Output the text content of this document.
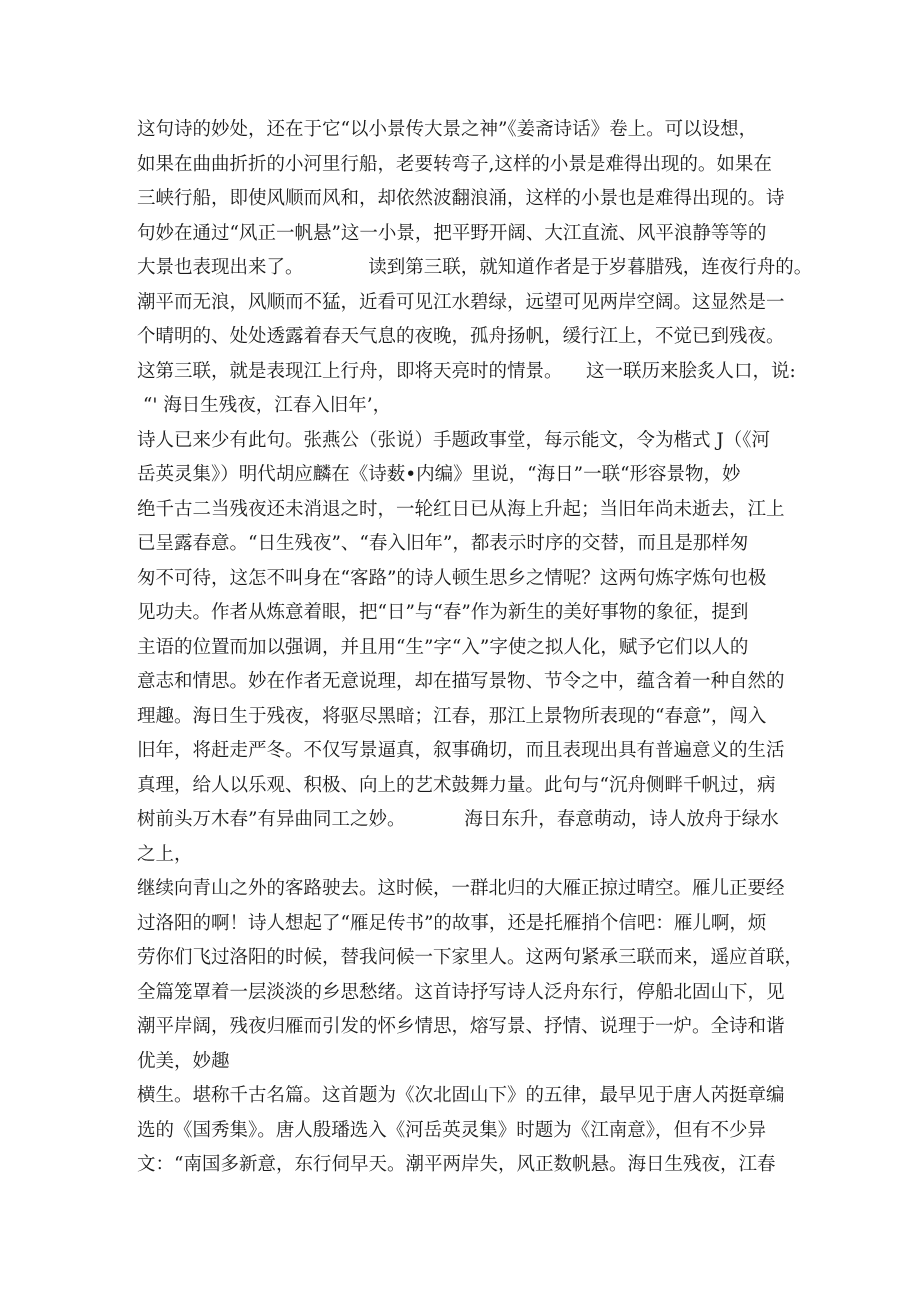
这句诗的妙处，还在于它“以小景传大景之神”《姜斋诗话》卷上。可以设想，
如果在曲曲折折的小河里行船，老要转弯子,这样的小景是难得出现的。如果在
三峡行船，即使风顺而风和，却依然波翻浪涌，这样的小景也是难得出现的。诗
句妙在通过“风正一帆悬”这一小景，把平野开阔、大江直流、风平浪静等等的
大景也表现出来了。           读到第三联，就知道作者是于岁暮腊残，连夜行舟的。
潮平而无浪，风顺而不猛，近看可见江水碧绿，远望可见两岸空阔。这显然是一
个晴明的、处处透露着春天气息的夜晚，孤舟扬帆，缓行江上，不觉已到残夜。
这第三联，就是表现江上行舟，即将天亮时的情景。    这一联历来脍炙人口，说:
“' 海日生残夜，江春入旧年’，
诗人已来少有此句。张燕公（张说）手题政事堂，每示能文，令为楷式 J（《河
岳英灵集》）明代胡应麟在《诗薮•内编》里说，“海日”一联“形容景物，妙
绝千古二当残夜还未消退之时，一轮红日已从海上升起；当旧年尚未逝去，江上
已呈露春意。“日生残夜”、“春入旧年”，都表示时序的交替，而且是那样匆
匆不可待，这怎不叫身在“客路”的诗人顿生思乡之情呢？这两句炼字炼句也极
见功夫。作者从炼意着眼，把“日”与“春”作为新生的美好事物的象征，提到
主语的位置而加以强调，并且用“生”字“入”字使之拟人化，赋予它们以人的
意志和情思。妙在作者无意说理，却在描写景物、节令之中，蕴含着一种自然的
理趣。海日生于残夜，将驱尽黑暗；江春，那江上景物所表现的“春意”，闯入
旧年，将赶走严冬。不仅写景逼真，叙事确切，而且表现出具有普遍意义的生活
真理，给人以乐观、积极、向上的艺术鼓舞力量。此句与“沉舟侧畔千帆过，病
树前头万木春”有异曲同工之妙。          海日东升，春意萌动，诗人放舟于绿水
之上，
继续向青山之外的客路驶去。这时候，一群北归的大雁正掠过晴空。雁儿正要经
过洛阳的啊！诗人想起了“雁足传书”的故事，还是托雁捎个信吧：雁儿啊，烦
劳你们飞过洛阳的时候，替我问候一下家里人。这两句紧承三联而来，遥应首联，
全篇笼罩着一层淡淡的乡思愁绪。这首诗抒写诗人泛舟东行，停船北固山下，见
潮平岸阔，残夜归雁而引发的怀乡情思，熔写景、抒情、说理于一炉。全诗和谐
优美，妙趣
横生。堪称千古名篇。这首题为《次北固山下》的五律，最早见于唐人芮挺章编
选的《国秀集》。唐人殷璠选入《河岳英灵集》时题为《江南意》，但有不少异
文：“南国多新意，东行伺早天。潮平两岸失，风正数帆悬。海日生残夜，江春
